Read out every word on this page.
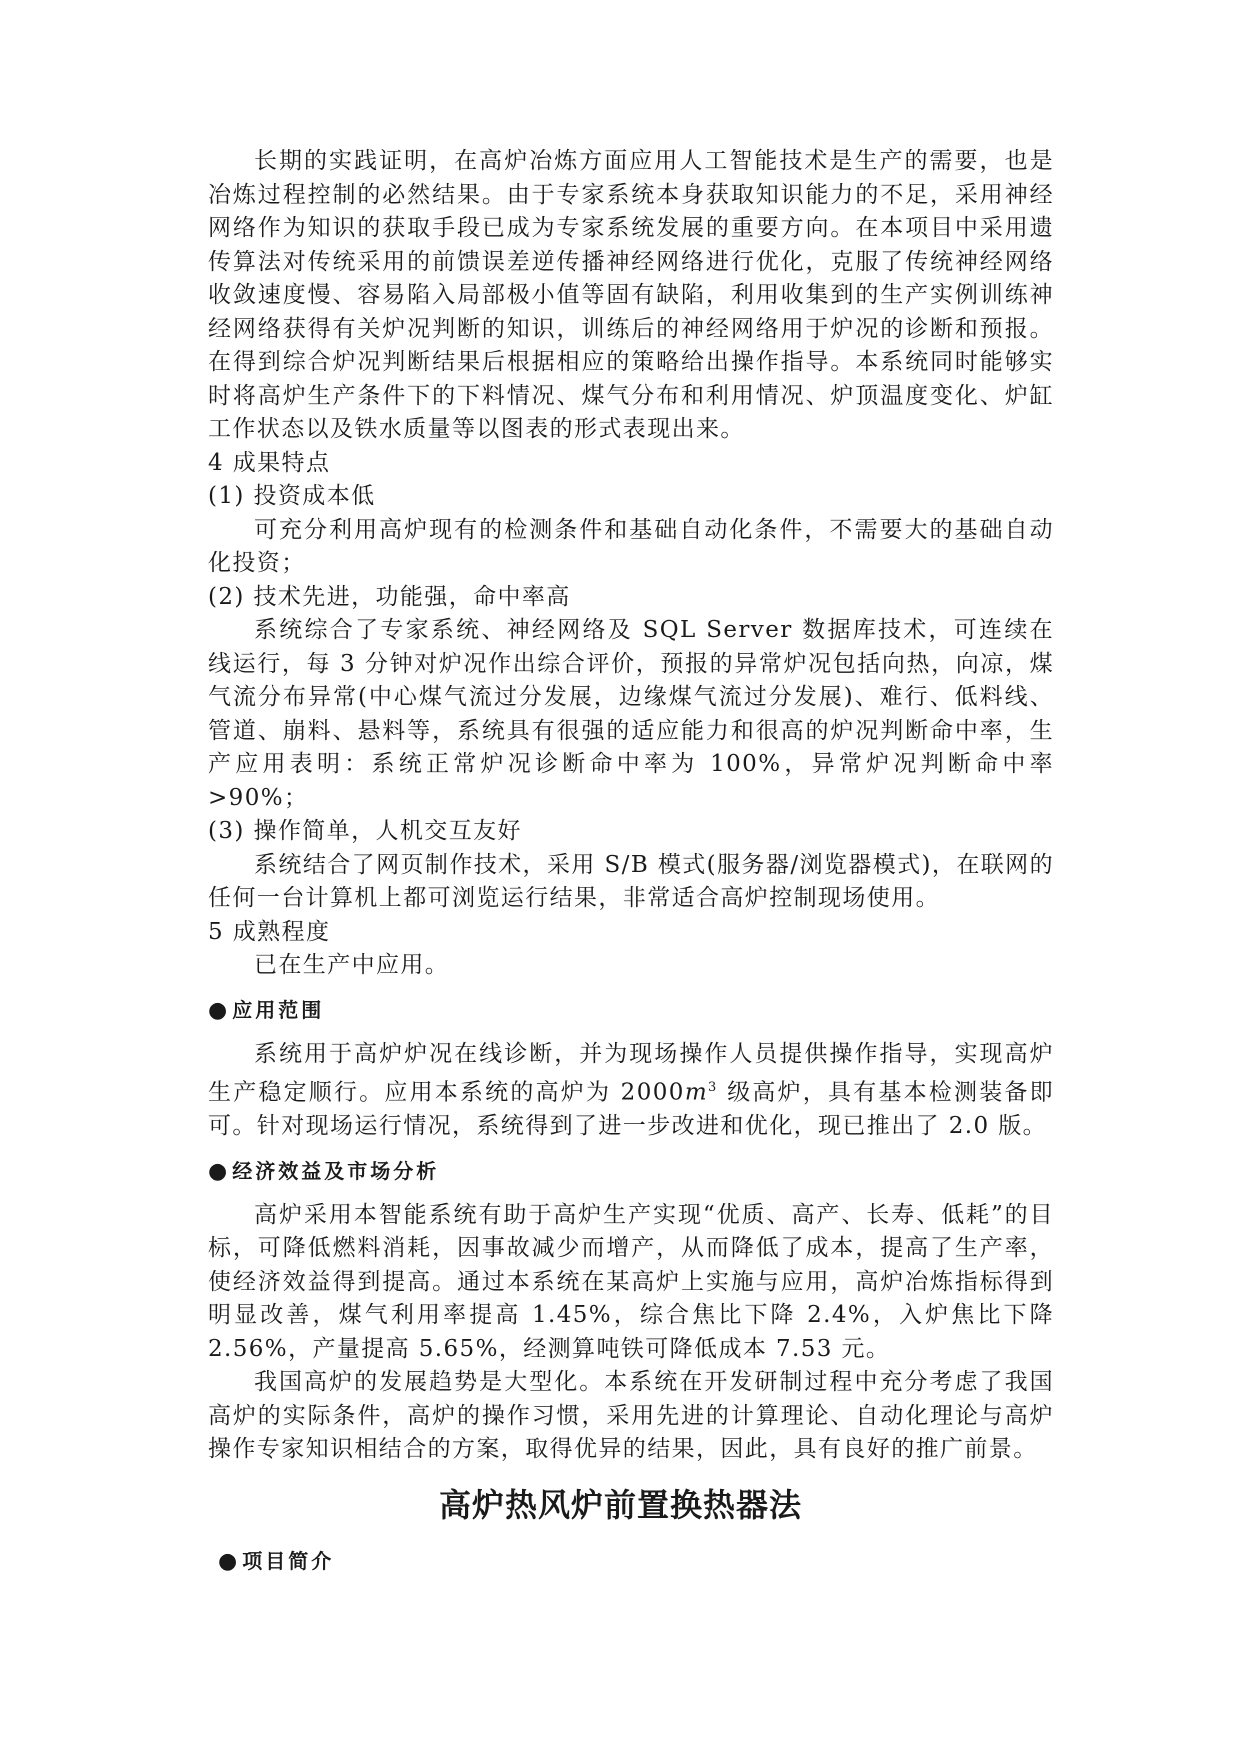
长期的实践证明，在高炉冶炼方面应用人工智能技术是生产的需要，也是冶炼过程控制的必然结果。由于专家系统本身获取知识能力的不足，采用神经网络作为知识的获取手段已成为专家系统发展的重要方向。在本项目中采用遗传算法对传统采用的前馈误差逆传播神经网络进行优化，克服了传统神经网络收敛速度慢、容易陷入局部极小值等固有缺陷，利用收集到的生产实例训练神经网络获得有关炉况判断的知识，训练后的神经网络用于炉况的诊断和预报。在得到综合炉况判断结果后根据相应的策略给出操作指导。本系统同时能够实时将高炉生产条件下的下料情况、煤气分布和利用情况、炉顶温度变化、炉缸工作状态以及铁水质量等以图表的形式表现出来。

4 成果特点

(1) 投资成本低

可充分利用高炉现有的检测条件和基础自动化条件，不需要大的基础自动化投资；

(2) 技术先进，功能强，命中率高

系统综合了专家系统、神经网络及 SQL Server 数据库技术，可连续在线运行，每 3 分钟对炉况作出综合评价，预报的异常炉况包括向热，向凉，煤气流分布异常(中心煤气流过分发展，边缘煤气流过分发展)、难行、低料线、管道、崩料、悬料等，系统具有很强的适应能力和很高的炉况判断命中率，生产应用表明：系统正常炉况诊断命中率为 100%，异常炉况判断命中率>90%；

(3) 操作简单，人机交互友好

系统结合了网页制作技术，采用 S/B 模式(服务器/浏览器模式)，在联网的任何一台计算机上都可浏览运行结果，非常适合高炉控制现场使用。

5 成熟程度

已在生产中应用。

● 应用范围

系统用于高炉炉况在线诊断，并为现场操作人员提供操作指导，实现高炉生产稳定顺行。应用本系统的高炉为 $2000m^3$ 级高炉，具有基本检测装备即可。针对现场运行情况，系统得到了进一步改进和优化，现已推出了 2.0 版。

● 经济效益及市场分析

高炉采用本智能系统有助于高炉生产实现“优质、高产、长寿、低耗”的目标，可降低燃料消耗，因事故减少而增产，从而降低了成本，提高了生产率，使经济效益得到提高。通过本系统在某高炉上实施与应用，高炉冶炼指标得到明显改善，煤气利用率提高 1.45%，综合焦比下降 2.4%，入炉焦比下降 2.56%，产量提高 5.65%，经测算吨铁可降低成本 7.53 元。

我国高炉的发展趋势是大型化。本系统在开发研制过程中充分考虑了我国高炉的实际条件，高炉的操作习惯，采用先进的计算理论、自动化理论与高炉操作专家知识相结合的方案，取得优异的结果，因此，具有良好的推广前景。

高炉热风炉前置换热器法

● 项目简介
